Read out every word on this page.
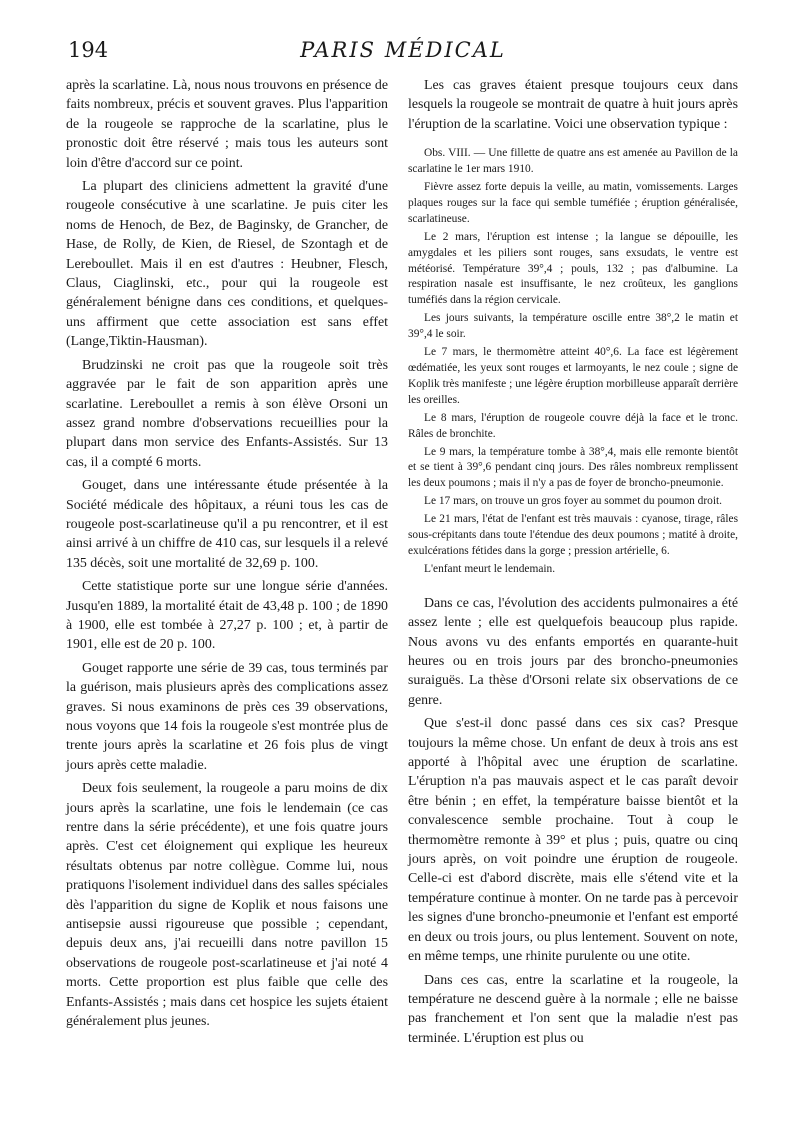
194	PARIS MÉDICAL

après la scarlatine. Là, nous nous trouvons en présence de faits nombreux, précis et souvent graves. Plus l'apparition de la rougeole se rapproche de la scarlatine, plus le pronostic doit être réservé ; mais tous les auteurs sont loin d'être d'accord sur ce point.

La plupart des cliniciens admettent la gravité d'une rougeole consécutive à une scarlatine. Je puis citer les noms de Henoch, de Bez, de Baginsky, de Grancher, de Hase, de Rolly, de Kien, de Riesel, de Szontagh et de Lereboullet. Mais il en est d'autres : Heubner, Flesch, Claus, Ciaglinski, etc., pour qui la rougeole est généralement bénigne dans ces conditions, et quelques-uns affirment que cette association est sans effet (Lange,Tiktin-Hausman).

Brudzinski ne croit pas que la rougeole soit très aggravée par le fait de son apparition après une scarlatine. Lereboullet a remis à son élève Orsoni un assez grand nombre d'observations recueillies pour la plupart dans mon service des Enfants-Assistés. Sur 13 cas, il a compté 6 morts.

Gouget, dans une intéressante étude présentée à la Société médicale des hôpitaux, a réuni tous les cas de rougeole post-scarlatineuse qu'il a pu rencontrer, et il est ainsi arrivé à un chiffre de 410 cas, sur lesquels il a relevé 135 décès, soit une mortalité de 32,69 p. 100.

Cette statistique porte sur une longue série d'années. Jusqu'en 1889, la mortalité était de 43,48 p. 100 ; de 1890 à 1900, elle est tombée à 27,27 p. 100 ; et, à partir de 1901, elle est de 20 p. 100.

Gouget rapporte une série de 39 cas, tous terminés par la guérison, mais plusieurs après des complications assez graves. Si nous examinons de près ces 39 observations, nous voyons que 14 fois la rougeole s'est montrée plus de trente jours après la scarlatine et 26 fois plus de vingt jours après cette maladie.

Deux fois seulement, la rougeole a paru moins de dix jours après la scarlatine, une fois le lendemain (ce cas rentre dans la série précédente), et une fois quatre jours après. C'est cet éloignement qui explique les heureux résultats obtenus par notre collègue. Comme lui, nous pratiquons l'isolement individuel dans des salles spéciales dès l'apparition du signe de Koplik et nous faisons une antisepsie aussi rigoureuse que possible ; cependant, depuis deux ans, j'ai recueilli dans notre pavillon 15 observations de rougeole post-scarlatineuse et j'ai noté 4 morts. Cette proportion est plus faible que celle des Enfants-Assistés ; mais dans cet hospice les sujets étaient généralement plus jeunes.

Les cas graves étaient presque toujours ceux dans lesquels la rougeole se montrait de quatre à huit jours après l'éruption de la scarlatine. Voici une observation typique :

Obs. VIII. — Une fillette de quatre ans est amenée au Pavillon de la scarlatine le 1er mars 1910.

Fièvre assez forte depuis la veille, au matin, vomissements. Larges plaques rouges sur la face qui semble tuméfiée ; éruption généralisée, scarlatineuse.

Le 2 mars, l'éruption est intense ; la langue se dépouille, les amygdales et les piliers sont rouges, sans exsudats, le ventre est météorisé. Température 39°,4 ; pouls, 132 ; pas d'albumine. La respiration nasale est insuffisante, le nez croûteux, les ganglions tuméfiés dans la région cervicale.

Les jours suivants, la température oscille entre 38°,2 le matin et 39°,4 le soir.

Le 7 mars, le thermomètre atteint 40°,6. La face est légèrement œdématiée, les yeux sont rouges et larmoyants, le nez coule ; signe de Koplik très manifeste ; une légère éruption morbilleuse apparaît derrière les oreilles.

Le 8 mars, l'éruption de rougeole couvre déjà la face et le tronc. Râles de bronchite.

Le 9 mars, la température tombe à 38°,4, mais elle remonte bientôt et se tient à 39°,6 pendant cinq jours. Des râles nombreux remplissent les deux poumons ; mais il n'y a pas de foyer de broncho-pneumonie.

Le 17 mars, on trouve un gros foyer au sommet du poumon droit.

Le 21 mars, l'état de l'enfant est très mauvais : cyanose, tirage, râles sous-crépitants dans toute l'étendue des deux poumons ; matité à droite, exulcérations fétides dans la gorge ; pression artérielle, 6.

L'enfant meurt le lendemain.

Dans ce cas, l'évolution des accidents pulmonaires a été assez lente ; elle est quelquefois beaucoup plus rapide. Nous avons vu des enfants emportés en quarante-huit heures ou en trois jours par des broncho-pneumonies suraiguës. La thèse d'Orsoni relate six observations de ce genre.

Que s'est-il donc passé dans ces six cas? Presque toujours la même chose. Un enfant de deux à trois ans est apporté à l'hôpital avec une éruption de scarlatine. L'éruption n'a pas mauvais aspect et le cas paraît devoir être bénin ; en effet, la température baisse bientôt et la convalescence semble prochaine. Tout à coup le thermomètre remonte à 39° et plus ; puis, quatre ou cinq jours après, on voit poindre une éruption de rougeole. Celle-ci est d'abord discrète, mais elle s'étend vite et la température continue à monter. On ne tarde pas à percevoir les signes d'une broncho-pneumonie et l'enfant est emporté en deux ou trois jours, ou plus lentement. Souvent on note, en même temps, une rhinite purulente ou une otite.

Dans ces cas, entre la scarlatine et la rougeole, la température ne descend guère à la normale ; elle ne baisse pas franchement et l'on sent que la maladie n'est pas terminée. L'éruption est plus ou
